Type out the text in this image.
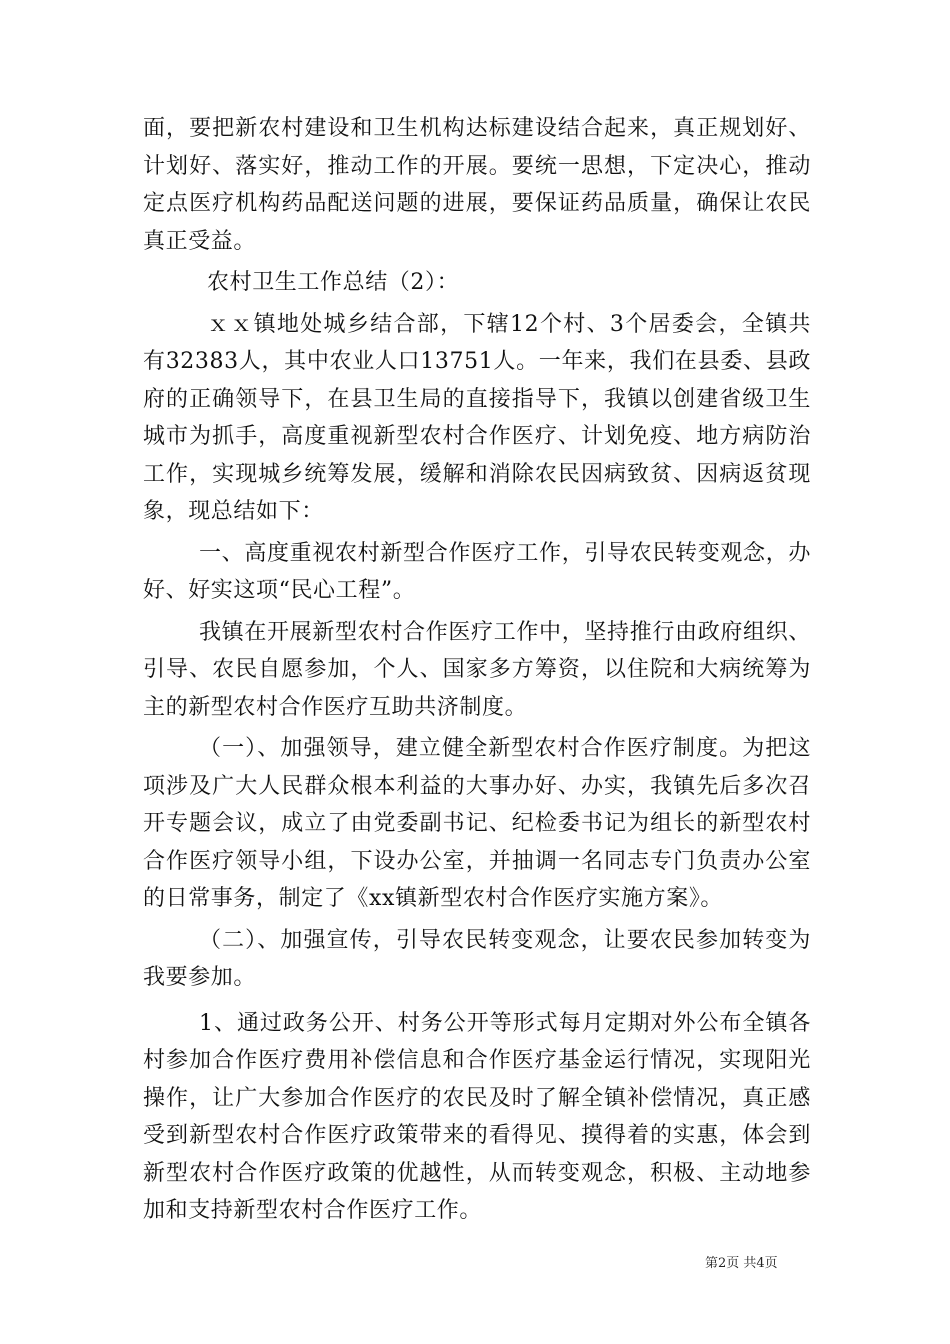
面，要把新农村建设和卫生机构达标建设结合起来，真正规划好、计划好、落实好，推动工作的开展。要统一思想，下定决心，推动定点医疗机构药品配送问题的进展，要保证药品质量，确保让农民真正受益。

农村卫生工作总结（2）：

ｘｘ镇地处城乡结合部，下辖12个村、3个居委会，全镇共有32383人，其中农业人口13751人。一年来，我们在县委、县政府的正确领导下，在县卫生局的直接指导下，我镇以创建省级卫生城市为抓手，高度重视新型农村合作医疗、计划免疫、地方病防治工作，实现城乡统筹发展，缓解和消除农民因病致贫、因病返贫现象，现总结如下：

一、高度重视农村新型合作医疗工作，引导农民转变观念，办好、好实这项“民心工程”。

我镇在开展新型农村合作医疗工作中，坚持推行由政府组织、引导、农民自愿参加，个人、国家多方筹资，以住院和大病统筹为主的新型农村合作医疗互助共济制度。

（一）、加强领导，建立健全新型农村合作医疗制度。为把这项涉及广大人民群众根本利益的大事办好、办实，我镇先后多次召开专题会议，成立了由党委副书记、纪检委书记为组长的新型农村合作医疗领导小组，下设办公室，并抽调一名同志专门负责办公室的日常事务，制定了《xx镇新型农村合作医疗实施方案》。

（二）、加强宣传，引导农民转变观念，让要农民参加转变为我要参加。

1、通过政务公开、村务公开等形式每月定期对外公布全镇各村参加合作医疗费用补偿信息和合作医疗基金运行情况，实现阳光操作，让广大参加合作医疗的农民及时了解全镇补偿情况，真正感受到新型农村合作医疗政策带来的看得见、摸得着的实惠，体会到新型农村合作医疗政策的优越性，从而转变观念，积极、主动地参加和支持新型农村合作医疗工作。

第2页 共4页
